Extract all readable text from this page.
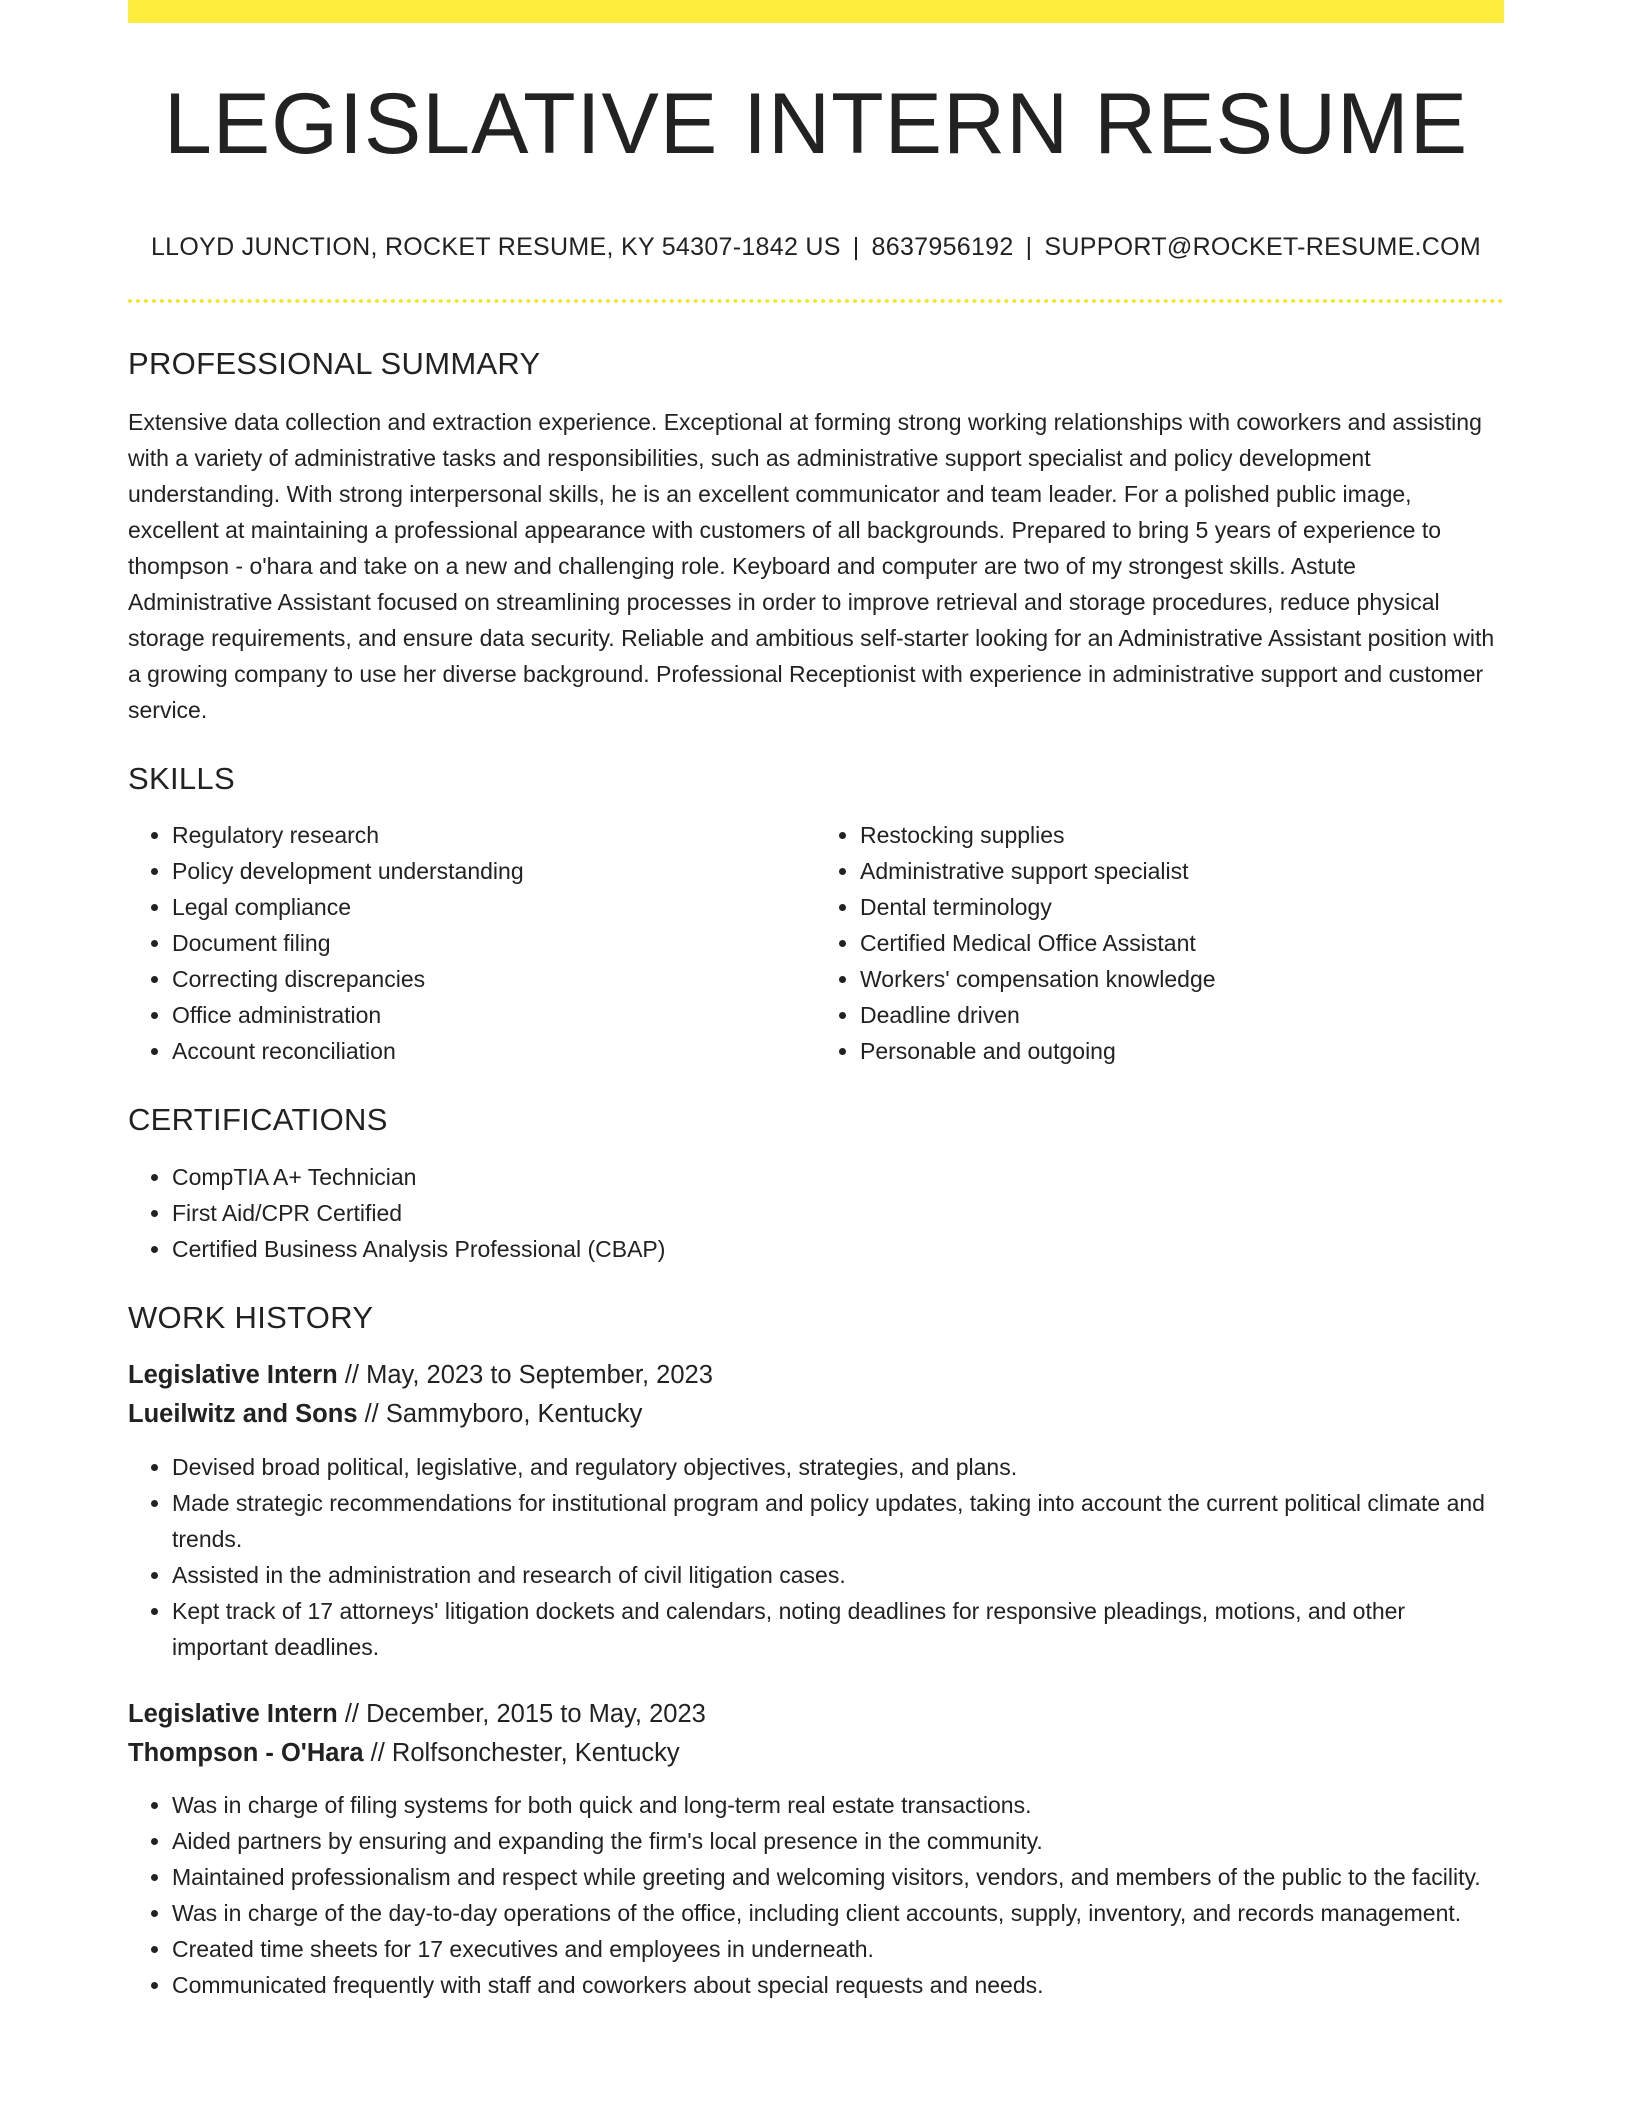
LEGISLATIVE INTERN RESUME
LLOYD JUNCTION, ROCKET RESUME, KY 54307-1842 US | 8637956192 | SUPPORT@ROCKET-RESUME.COM
PROFESSIONAL SUMMARY

Extensive data collection and extraction experience. Exceptional at forming strong working relationships with coworkers and assisting with a variety of administrative tasks and responsibilities, such as administrative support specialist and policy development understanding. With strong interpersonal skills, he is an excellent communicator and team leader. For a polished public image, excellent at maintaining a professional appearance with customers of all backgrounds. Prepared to bring 5 years of experience to thompson - o'hara and take on a new and challenging role. Keyboard and computer are two of my strongest skills. Astute Administrative Assistant focused on streamlining processes in order to improve retrieval and storage procedures, reduce physical storage requirements, and ensure data security. Reliable and ambitious self-starter looking for an Administrative Assistant position with a growing company to use her diverse background. Professional Receptionist with experience in administrative support and customer service.

SKILLS
• Regulatory research
• Policy development understanding
• Legal compliance
• Document filing
• Correcting discrepancies
• Office administration
• Account reconciliation
• Restocking supplies
• Administrative support specialist
• Dental terminology
• Certified Medical Office Assistant
• Workers' compensation knowledge
• Deadline driven
• Personable and outgoing
CERTIFICATIONS
• CompTIA A+ Technician
• First Aid/CPR Certified
• Certified Business Analysis Professional (CBAP)
WORK HISTORY
Legislative Intern // May, 2023 to September, 2023
Lueilwitz and Sons // Sammyboro, Kentucky
• Devised broad political, legislative, and regulatory objectives, strategies, and plans.
• Made strategic recommendations for institutional program and policy updates, taking into account the current political climate and trends.
• Assisted in the administration and research of civil litigation cases.
• Kept track of 17 attorneys' litigation dockets and calendars, noting deadlines for responsive pleadings, motions, and other important deadlines.
Legislative Intern // December, 2015 to May, 2023
Thompson - O'Hara // Rolfsonchester, Kentucky
• Was in charge of filing systems for both quick and long-term real estate transactions.
• Aided partners by ensuring and expanding the firm's local presence in the community.
• Maintained professionalism and respect while greeting and welcoming visitors, vendors, and members of the public to the facility.
• Was in charge of the day-to-day operations of the office, including client accounts, supply, inventory, and records management.
• Created time sheets for 17 executives and employees in underneath.
• Communicated frequently with staff and coworkers about special requests and needs.
